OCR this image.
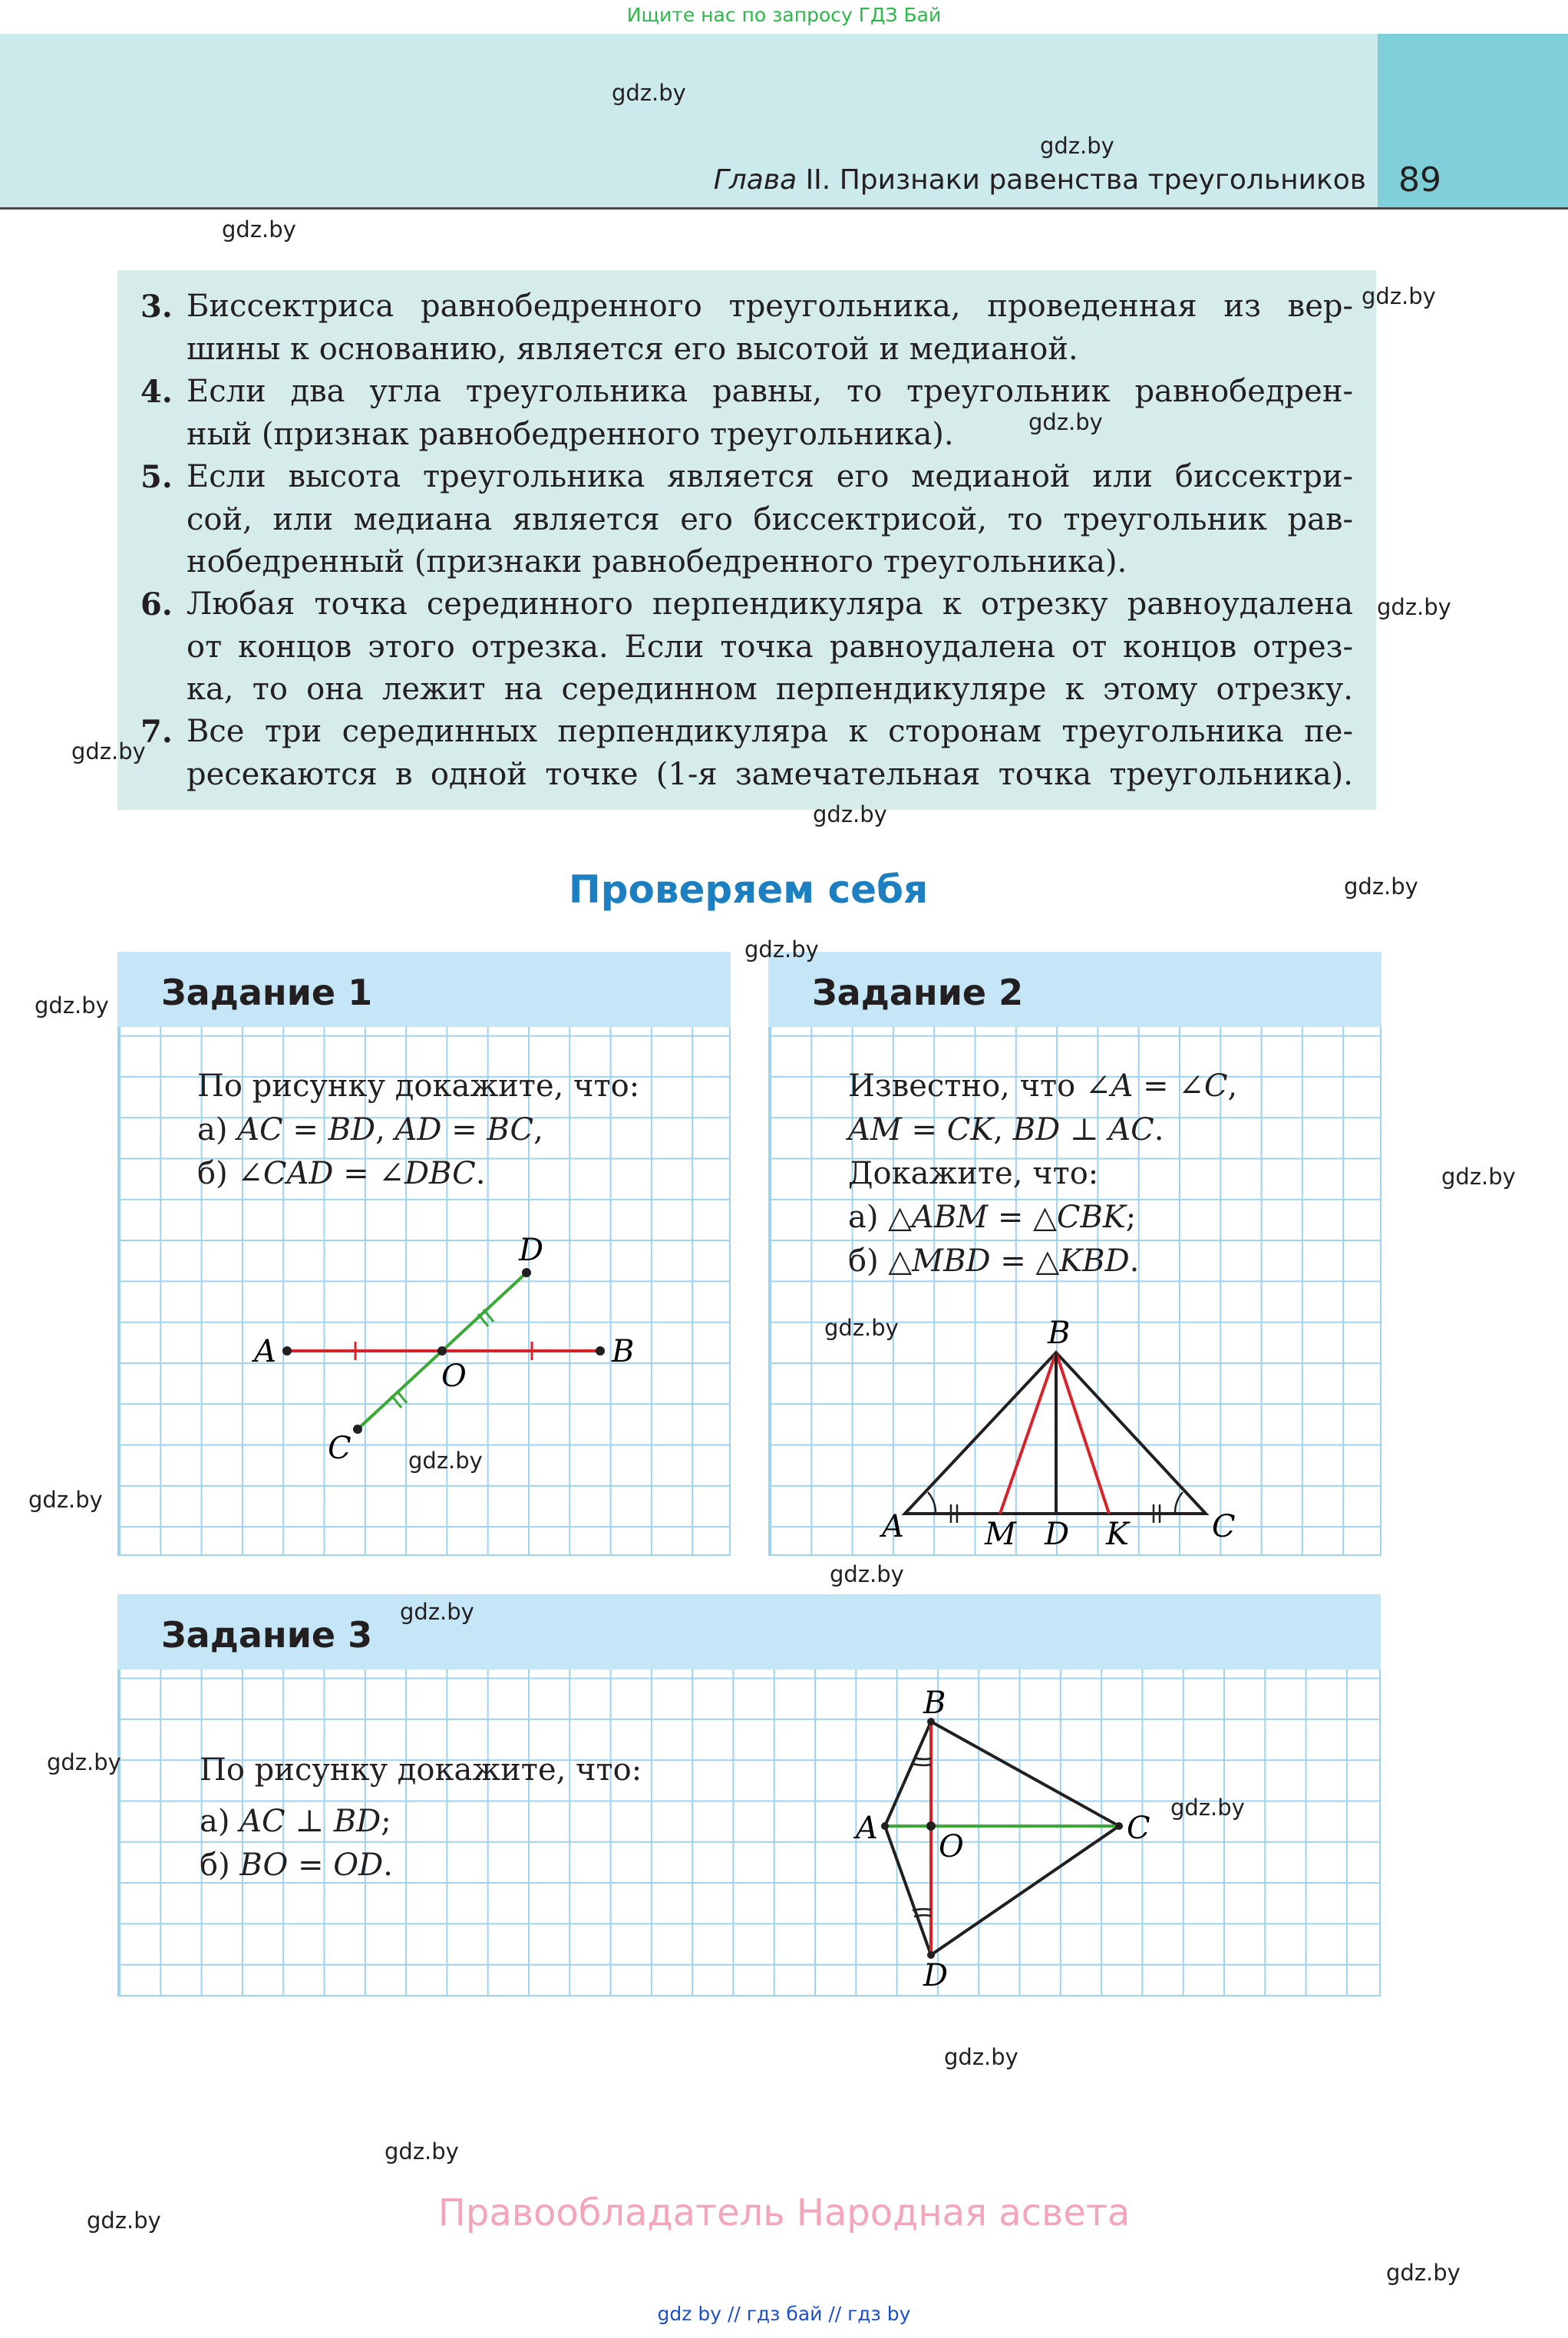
Ищите нас по запросу ГДЗ Бай
Глава II. Признаки равенства треугольников 89
3. Биссектриса равнобедренного треугольника, проведенная из вер-
шины к основанию, является его высотой и медианой.
4. Если два угла треугольника равны, то треугольник равнобедрен-
ный (признак равнобедренного треугольника).
5. Если высота треугольника является его медианой или биссектри-
сой, или медиана является его биссектрисой, то треугольник рав-
нобедренный (признаки равнобедренного треугольника).
6. Любая точка серединного перпендикуляра к отрезку равноудалена
от концов этого отрезка. Если точка равноудалена от концов отрез-
ка, то она лежит на серединном перпендикуляре к этому отрезку.
7. Все три серединных перпендикуляра к сторонам треугольника пе-
ресекаются в одной точке (1-я замечательная точка треугольника).
Проверяем себя
Задание 1
По рисунку докажите, что:
а) AC = BD, AD = BC,
б) ∠CAD = ∠DBC.
A	B
C
D
O
Задание 2
Известно, что ∠A = ∠C,
AM = CK, BD ⊥ AC.
Докажите, что:
а) △ABM = △CBK;
б) △MBD = △KBD.
B
A	C
M D K
Задание 3
По рисунку докажите, что:
а) AC ⊥ BD;
б) BO = OD.
B
A	C
D
O
gdz.by
gdz.by
gdz.by
gdz.by
gdz.by
gdz.by
gdz.by
gdz.by
gdz.by
gdz.by
gdz.by
gdz.by
gdz.by
gdz.by
gdz.by
gdz.by
gdz.by
gdz.by
gdz.by
gdz.by
gdz.by
gdz.by
gdz.by
Правообладатель Народная асвета
gdz by // гдз бай // гдз by
